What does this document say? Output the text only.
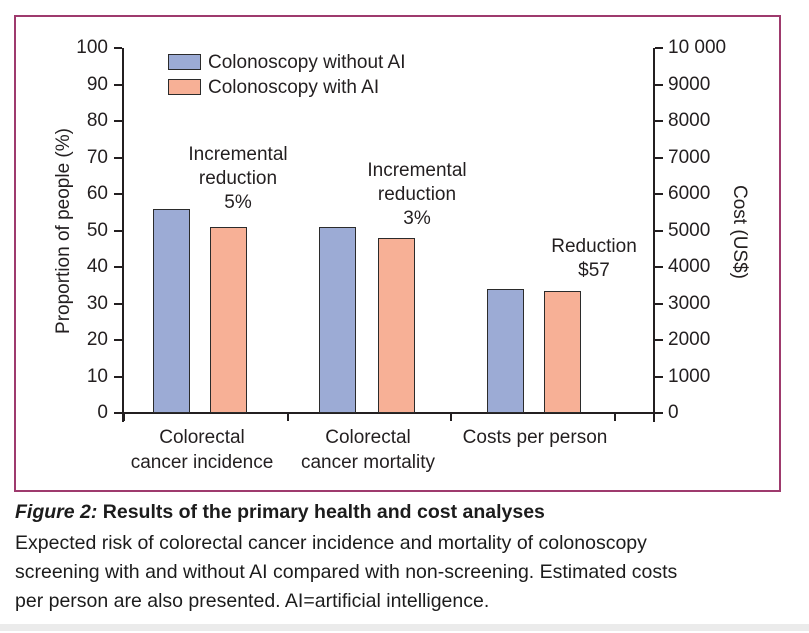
0
10
20
30
40
50
60
70
80
90
100
0
1000
2000
3000
4000
5000
6000
7000
8000
9000
10 000
Colorectal
cancer incidence
Incremental
reduction
5%
Colorectal
cancer mortality
Incremental
reduction
3%
Costs per person
Reduction
$57
Colonoscopy without AI
Colonoscopy with AI
Proportion of people (%)	Cost (US$)
Figure 2: Results of the primary health and cost analyses
Expected risk of colorectal cancer incidence and mortality of colonoscopy screening with and without AI compared with non-screening. Estimated costs per person are also presented. AI=artificial intelligence.
